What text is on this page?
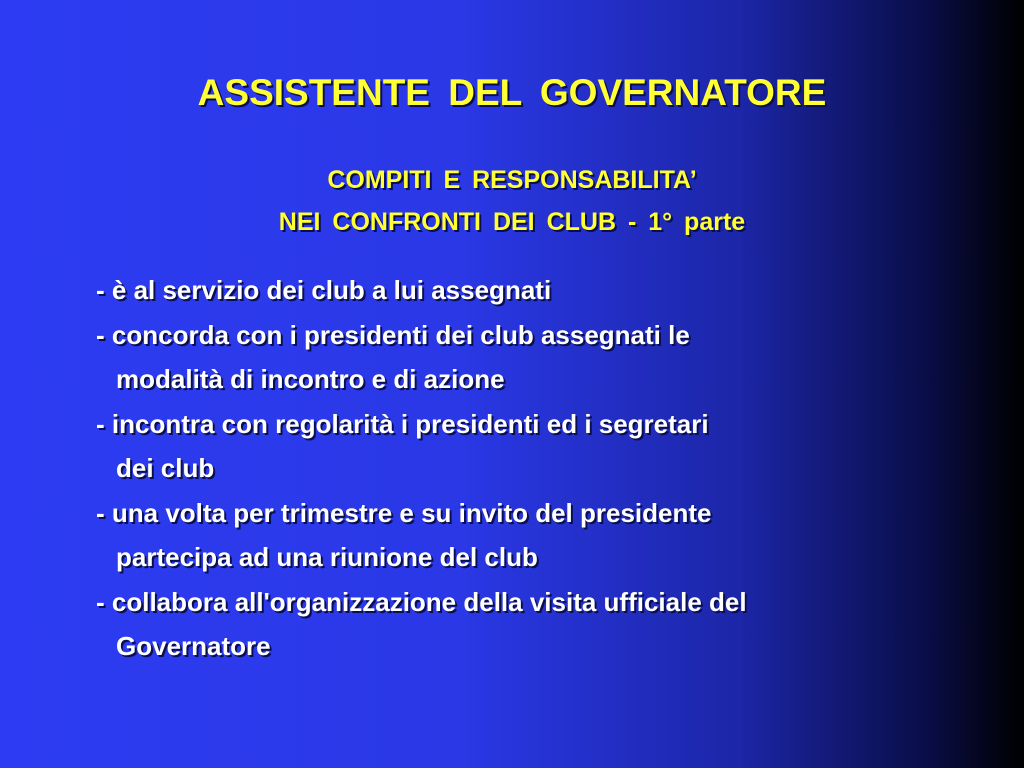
ASSISTENTE DEL GOVERNATORE
COMPITI E RESPONSABILITA’
NEI CONFRONTI DEI CLUB - 1° parte
- è al servizio dei club a lui assegnati
- concorda con i presidenti dei club assegnati le
modalità di incontro e di azione
- incontra con regolarità i presidenti ed i segretari
dei club
- una volta per trimestre e su invito del presidente
partecipa ad una riunione del club
- collabora all'organizzazione della visita ufficiale del
Governatore
